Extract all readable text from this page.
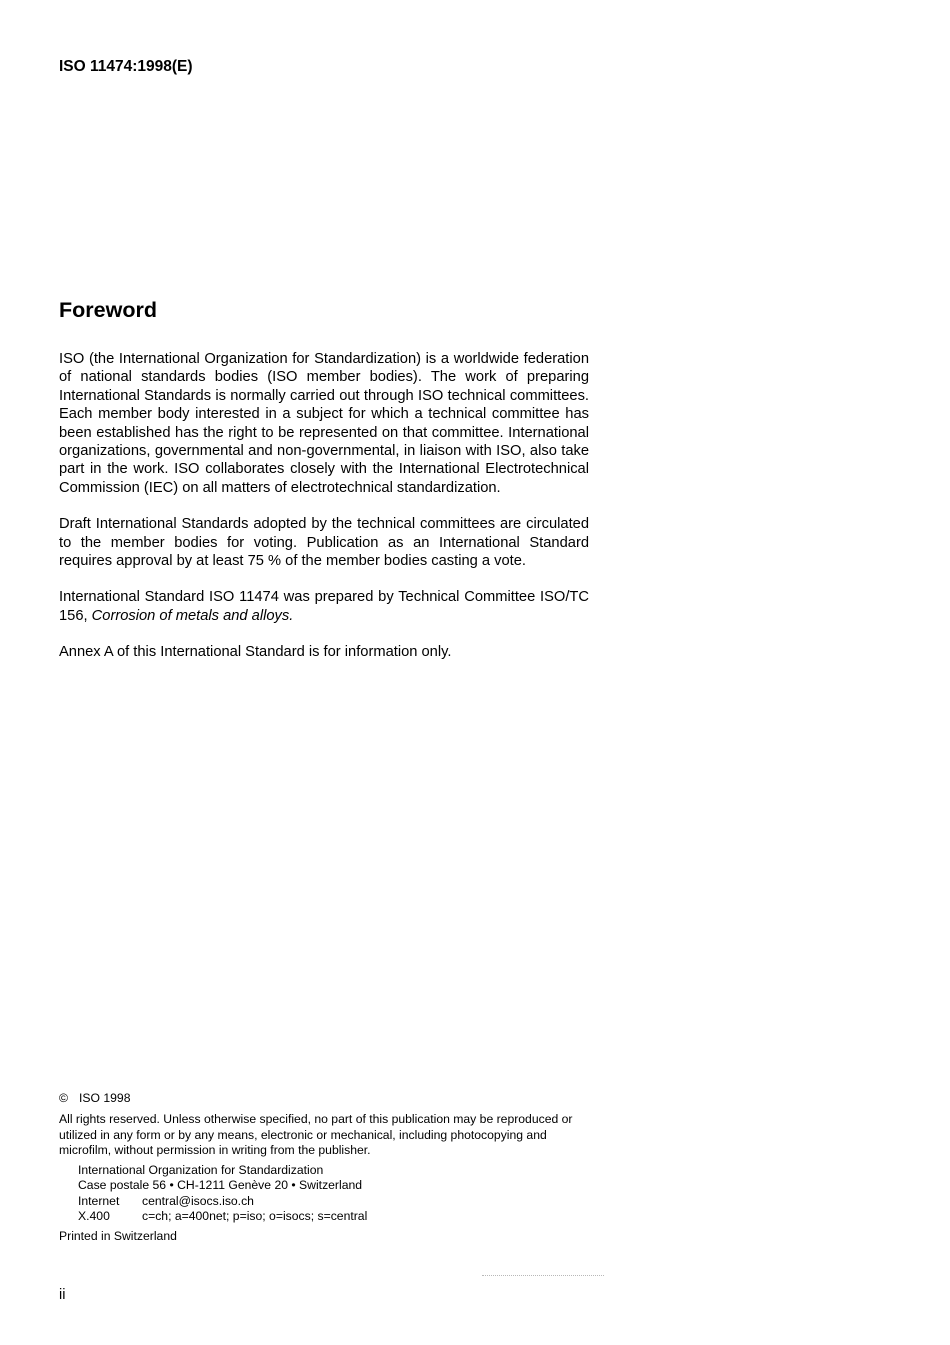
ISO 11474:1998(E)
Foreword

ISO (the International Organization for Standardization) is a worldwide federation of national standards bodies (ISO member bodies). The work of preparing International Standards is normally carried out through ISO technical committees. Each member body interested in a subject for which a technical committee has been established has the right to be represented on that committee. International organizations, governmental and non-governmental, in liaison with ISO, also take part in the work. ISO collaborates closely with the International Electrotechnical Commission (IEC) on all matters of electrotechnical standardization.

Draft International Standards adopted by the technical committees are circulated to the member bodies for voting. Publication as an International Standard requires approval by at least 75 % of the member bodies casting a vote.

International Standard ISO 11474 was prepared by Technical Committee ISO/TC 156, Corrosion of metals and alloys.

Annex A of this International Standard is for information only.

© ISO 1998
All rights reserved. Unless otherwise specified, no part of this publication may be reproduced or utilized in any form or by any means, electronic or mechanical, including photocopying and microfilm, without permission in writing from the publisher.
International Organization for Standardization
Case postale 56 • CH-1211 Genève 20 • Switzerland
Internet central@isocs.iso.ch
X.400	c=ch; a=400net; p=iso; o=isocs; s=central
Printed in Switzerland
ii
